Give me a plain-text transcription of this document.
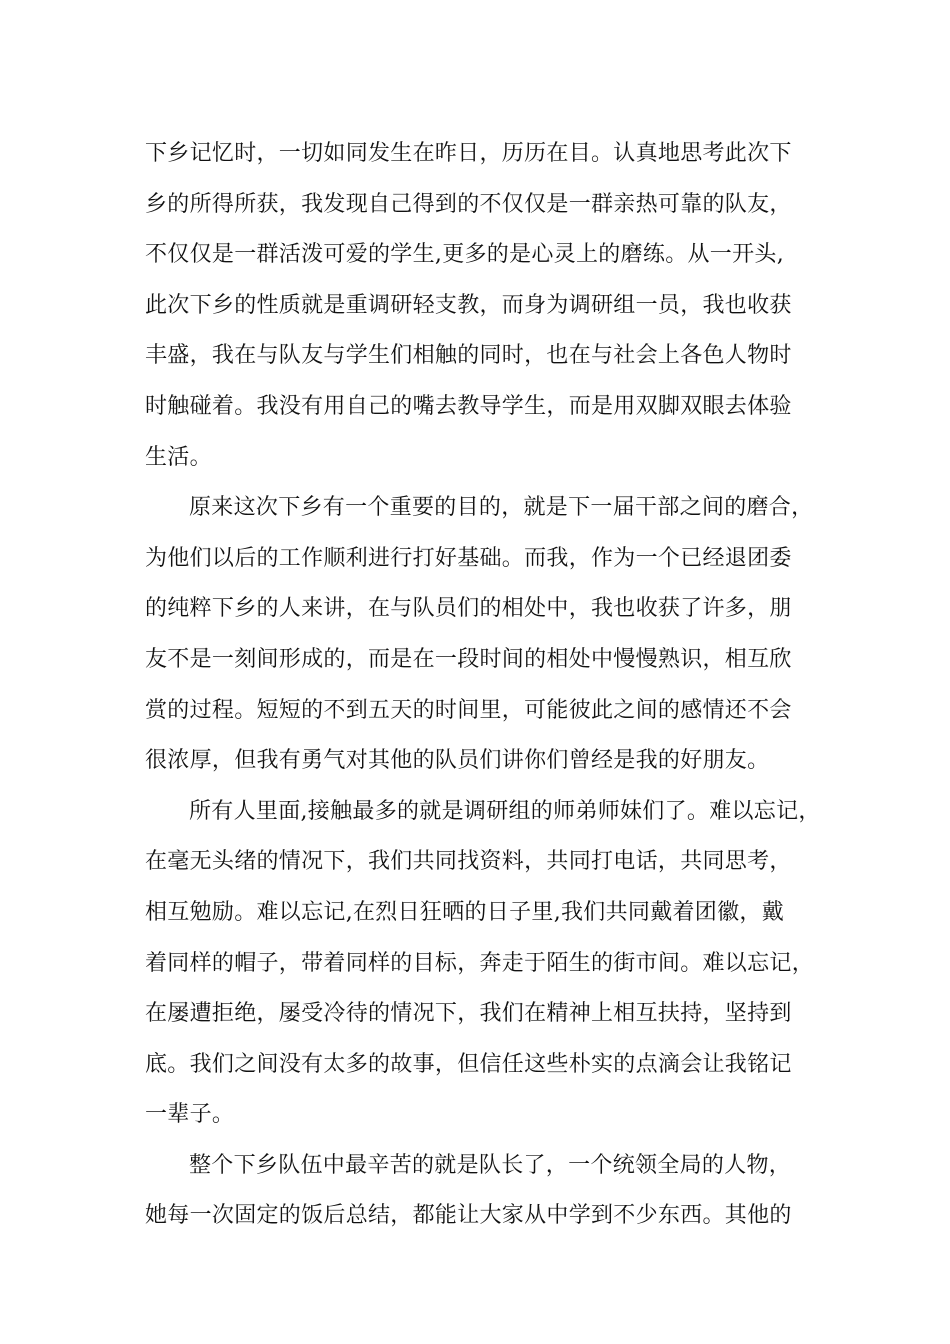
下乡记忆时，一切如同发生在昨日，历历在目。认真地思考此次下
乡的所得所获，我发现自己得到的不仅仅是一群亲热可靠的队友，
不仅仅是一群活泼可爱的学生,更多的是心灵上的磨练。从一开头,
此次下乡的性质就是重调研轻支教，而身为调研组一员，我也收获
丰盛，我在与队友与学生们相触的同时，也在与社会上各色人物时
时触碰着。我没有用自己的嘴去教导学生，而是用双脚双眼去体验
生活。
原来这次下乡有一个重要的目的，就是下一届干部之间的磨合，
为他们以后的工作顺利进行打好基础。而我，作为一个已经退团委
的纯粹下乡的人来讲，在与队员们的相处中，我也收获了许多，朋
友不是一刻间形成的，而是在一段时间的相处中慢慢熟识，相互欣
赏的过程。短短的不到五天的时间里，可能彼此之间的感情还不会
很浓厚，但我有勇气对其他的队员们讲你们曾经是我的好朋友。
所有人里面,接触最多的就是调研组的师弟师妹们了。难以忘记，
在毫无头绪的情况下，我们共同找资料，共同打电话，共同思考，
相互勉励。难以忘记,在烈日狂晒的日子里,我们共同戴着团徽，戴
着同样的帽子，带着同样的目标，奔走于陌生的街市间。难以忘记，
在屡遭拒绝，屡受冷待的情况下，我们在精神上相互扶持，坚持到
底。我们之间没有太多的故事，但信任这些朴实的点滴会让我铭记
一辈子。
整个下乡队伍中最辛苦的就是队长了，一个统领全局的人物，
她每一次固定的饭后总结，都能让大家从中学到不少东西。其他的
